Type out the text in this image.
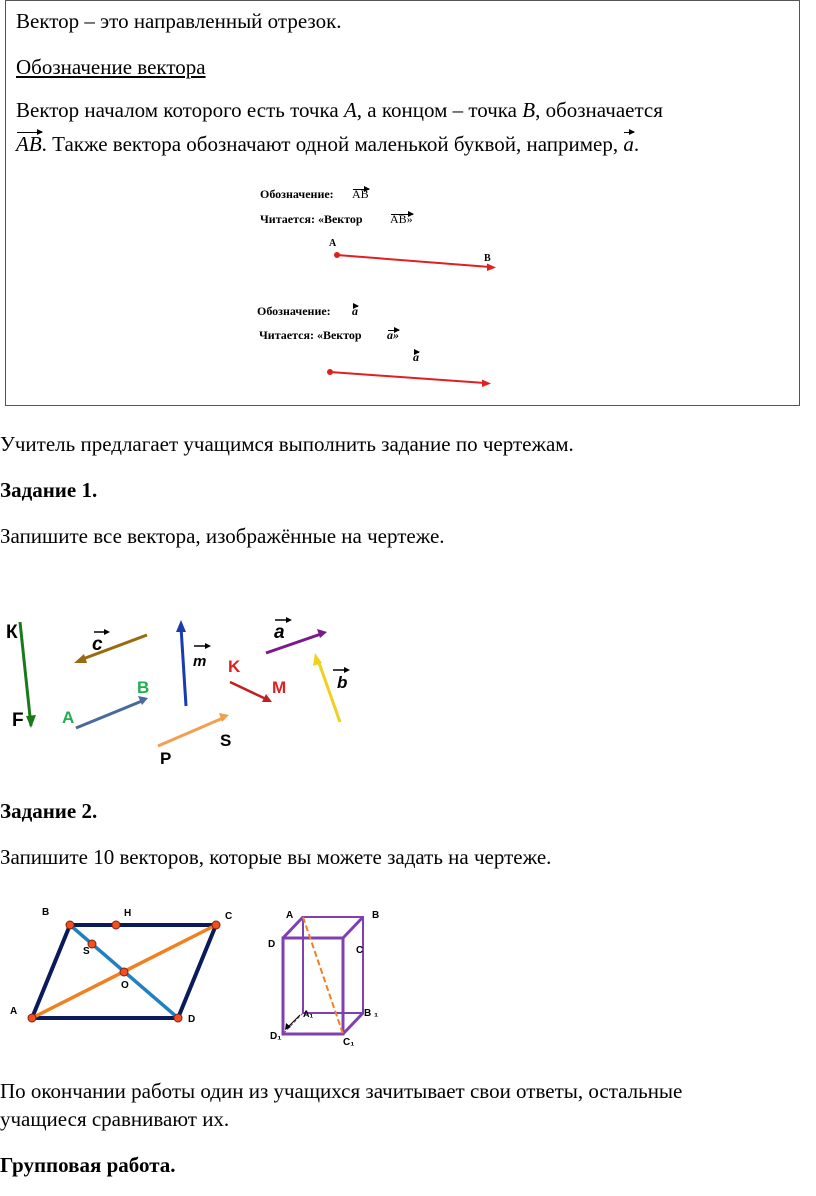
Вектор – это направленный отрезок.

Обозначение вектора

Вектор началом которого есть точка A, а концом – точка B, обозначается

AB. Также вектора обозначают одной маленькой буквой, например, a.

Обозначение: AB
Читается: «Вектор AB»
Обозначение: a
Читается: «Вектор a»
a
A
B

Учитель предлагает учащимся выполнить задание по чертежам.

Задание 1.

Запишите все вектора, изображённые на чертеже.

К
F
c
A
B
m
P
S
K
M
a
b

Задание 2.

Запишите 10 векторов, которые вы можете задать на чертеже.

A
B	C
D
H
S
O
A	B
C
D
A₁	B ₁
C₁
D₁

По окончании работы один из учащихся зачитывает свои ответы, остальные

учащиеся сравнивают их.

Групповая работа.
